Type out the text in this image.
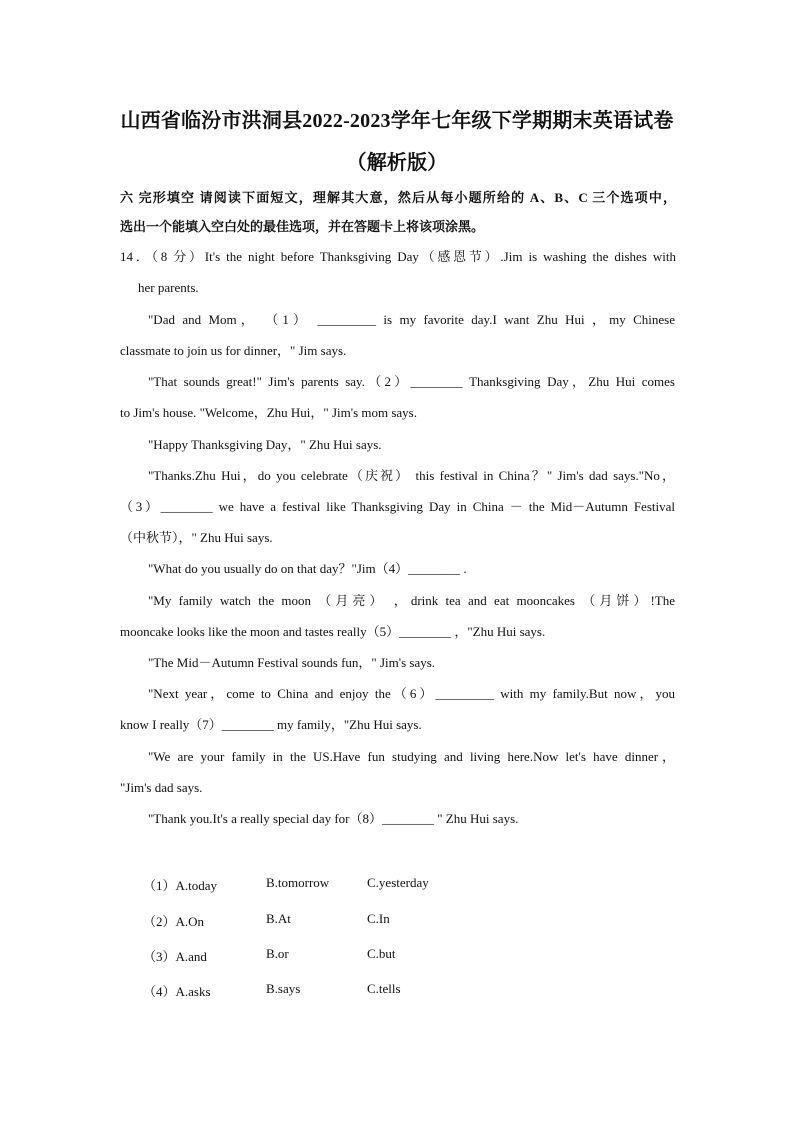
山西省临汾市洪洞县2022-2023学年七年级下学期期末英语试卷
（解析版）
六 完形填空 请阅读下面短文，理解其大意，然后从每小题所给的 A、B、C 三个选项中，
选出一个能填入空白处的最佳选项，并在答题卡上将该项涂黑。
14．（8 分）It's the night before Thanksgiving Day（感恩节）.Jim is washing the dishes with
her parents.
"Dad and Mom， （1） _________ is my favorite day.I want Zhu Hui ，my Chinese
classmate to join us for dinner，" Jim says.
"That sounds great!" Jim's parents say.（2）________ Thanksgiving Day，Zhu Hui comes
to Jim's house. "Welcome，Zhu Hui，" Jim's mom says.
"Happy Thanksgiving Day，" Zhu Hui says.
"Thanks.Zhu Hui，do you celebrate（庆祝） this festival in China？" Jim's dad says."No，
（3）________ we have a festival like Thanksgiving Day in China － the Mid－Autumn Festival
（中秋节），" Zhu Hui says.
"What do you usually do on that day？"Jim（4）________ .
"My family watch the moon （月亮） ，drink tea and eat mooncakes （月饼）!The
mooncake looks like the moon and tastes really（5）________ ，"Zhu Hui says.
"The Mid－Autumn Festival sounds fun，" Jim's says.
"Next year，come to China and enjoy the（6）_________ with my family.But now，you
know I really（7）________ my family，"Zhu Hui says.
"We are your family in the US.Have fun studying and living here.Now let's have dinner，
"Jim's dad says.
"Thank you.It's a really special day for（8）________ " Zhu Hui says.
（1）A.today	B.tomorrow	C.yesterday
（2）A.On	B.At	C.In
（3）A.and	B.or	C.but
（4）A.asks	B.says	C.tells
